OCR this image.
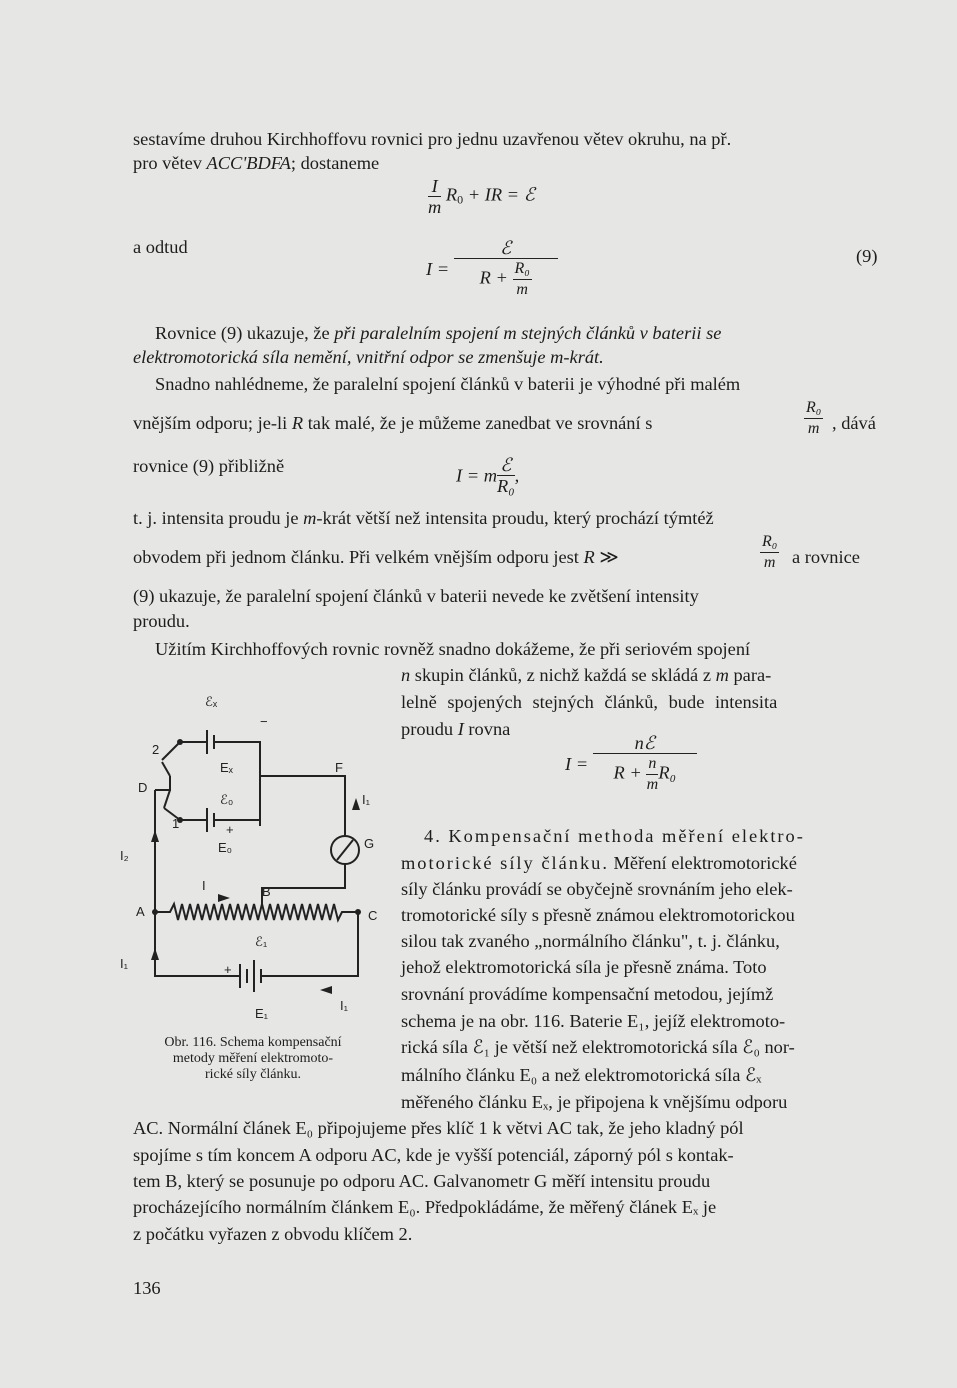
sestavíme druhou Kirchhoffovu rovnici pro jednu uzavřenou větev okruhu, na př.
pro větev ACC'BDFA; dostaneme
$\frac{I}{m} R_0$ + IR = ℰ
a odtud
$I = \frac{\text{ℰ}}{R + \frac{\text{R₀}}{m}}$	(9)
Rovnice (9) ukazuje, že při paralelním spojení m stejných článků v baterii se
elektromotorická síla nemění, vnitřní odpor se zmenšuje m-krát.
Snadno nahlédneme, že paralelní spojení článků v baterii je výhodné při malém
vnějším odporu; je-li R tak malé, že je můžeme zanedbat ve srovnání s	$\frac{\text{R₀}}{m}$ , dává
rovnice (9) přibližně	I = m $\frac{\text{ℰ}}{\text{R₀}}$ ,
t. j. intensita proudu je m-krát větší než intensita proudu, který prochází týmtéž
obvodem při jednom článku. Při velkém vnějším odporu jest R ≫	$\frac{\text{R₀}}{m}$ a rovnice
(9) ukazuje, že paralelní spojení článků v baterii nevede ke zvětšení intensity
proudu.
Užitím Kirchhoffových rovnic rovněž snadno dokážeme, že při seriovém spojení
n skupin článků, z nichž každá se skládá z m para-
lelně spojených stejných článků, bude intensita
proudu I rovna
$I = \frac{\text{nℰ}}{R + \frac{n}{m} R_0}$
4. Kompensační methoda měření elektro-
motorické síly článku. Měření elektromotorické
síly článku provádí se obyčejně srovnáním jeho elek-
tromotorické síly s přesně známou elektromotorickou
silou tak zvaného „normálního článku", t. j. článku,
jehož elektromotorická síla je přesně známa. Toto
srovnání provádíme kompensační metodou, jejímž
schema je na obr. 116. Baterie E₁, jejíž elektromoto-
rická síla ℰ₁ je větší než elektromotorická síla ℰ₀ nor-
málního článku E₀ a než elektromotorická síla ℰₓ
měřeného článku Eₓ, je připojena k vnějšímu odporu
AC. Normální článek E₀ připojujeme přes klíč 1 k větvi AC tak, že jeho kladný pól
spojíme s tím koncem A odporu AC, kde je vyšší potenciál, záporný pól s kontak-
tem B, který se posunuje po odporu AC. Galvanometr G měří intensitu proudu
procházejícího normálním článkem E₀. Předpokládáme, že měřený článek Eₓ je
z počátku vyřazen z obvodu klíčem 2.
136
ℰₓ
Eₓ
ℰ₀
E₀
2
1
D
F
G
A
B
C
ℰ₁
E₁
I
I₁
I₁
I₁
I₂
+
+
−
Obr. 116. Schema kompensační
metody měření elektromoto-
rické síly článku.
